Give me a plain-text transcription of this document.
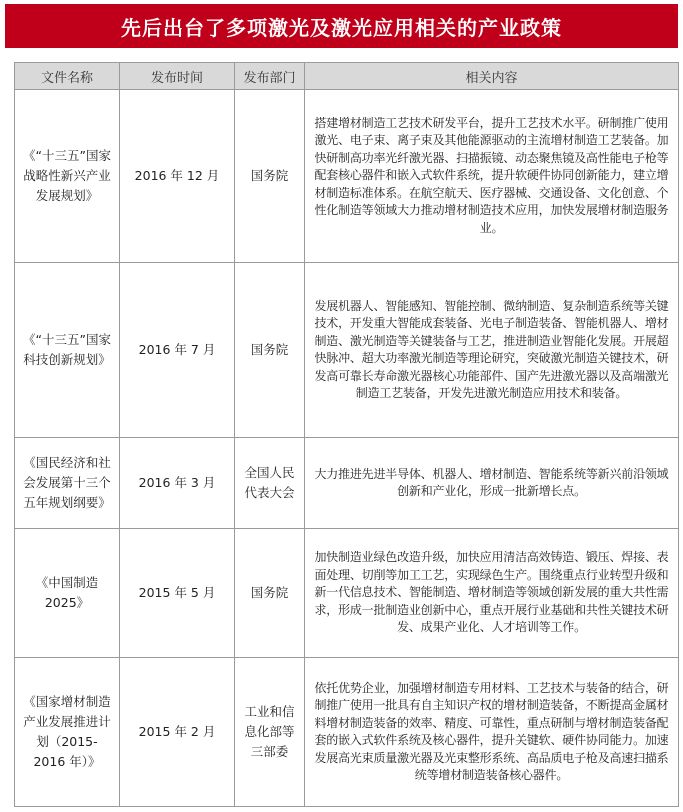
先后出台了多项激光及激光应用相关的产业政策
文件名称	发布时间	发布部门	相关内容
《“十三五”国家战略性新兴产业发展规划》	2016 年 12 月	国务院	搭建增材制造工艺技术研发平台，提升工艺技术水平。研制推广使用激光、电子束、离子束及其他能源驱动的主流增材制造工艺装备。加快研制高功率光纤激光器、扫描振镜、动态聚焦镜及高性能电子枪等配套核心器件和嵌入式软件系统，提升软硬件协同创新能力，建立增材制造标准体系。在航空航天、医疗器械、交通设备、文化创意、个性化制造等领域大力推动增材制造技术应用，加快发展增材制造服务业。
《“十三五”国家科技创新规划》	2016 年 7 月	国务院	发展机器人、智能感知、智能控制、微纳制造、复杂制造系统等关键技术，开发重大智能成套装备、光电子制造装备、智能机器人、增材制造、激光制造等关键装备与工艺，推进制造业智能化发展。开展超快脉冲、超大功率激光制造等理论研究，突破激光制造关键技术，研发高可靠长寿命激光器核心功能部件、国产先进激光器以及高端激光制造工艺装备，开发先进激光制造应用技术和装备。
《国民经济和社会发展第十三个五年规划纲要》	2016 年 3 月	全国人民代表大会	大力推进先进半导体、机器人、增材制造、智能系统等新兴前沿领域创新和产业化，形成一批新增长点。
《中国制造2025》	2015 年 5 月	国务院	加快制造业绿色改造升级，加快应用清洁高效铸造、锻压、焊接、表面处理、切削等加工工艺，实现绿色生产。围绕重点行业转型升级和新一代信息技术、智能制造、增材制造等领域创新发展的重大共性需求，形成一批制造业创新中心，重点开展行业基础和共性关键技术研发、成果产业化、人才培训等工作。
《国家增材制造产业发展推进计划（2015-2016 年）》	2015 年 2 月	工业和信息化部等三部委	依托优势企业，加强增材制造专用材料、工艺技术与装备的结合，研制推广使用一批具有自主知识产权的增材制造装备，不断提高金属材料增材制造装备的效率、精度、可靠性，重点研制与增材制造装备配套的嵌入式软件系统及核心器件，提升关键软、硬件协同能力。加速发展高光束质量激光器及光束整形系统、高品质电子枪及高速扫描系统等增材制造装备核心器件。
